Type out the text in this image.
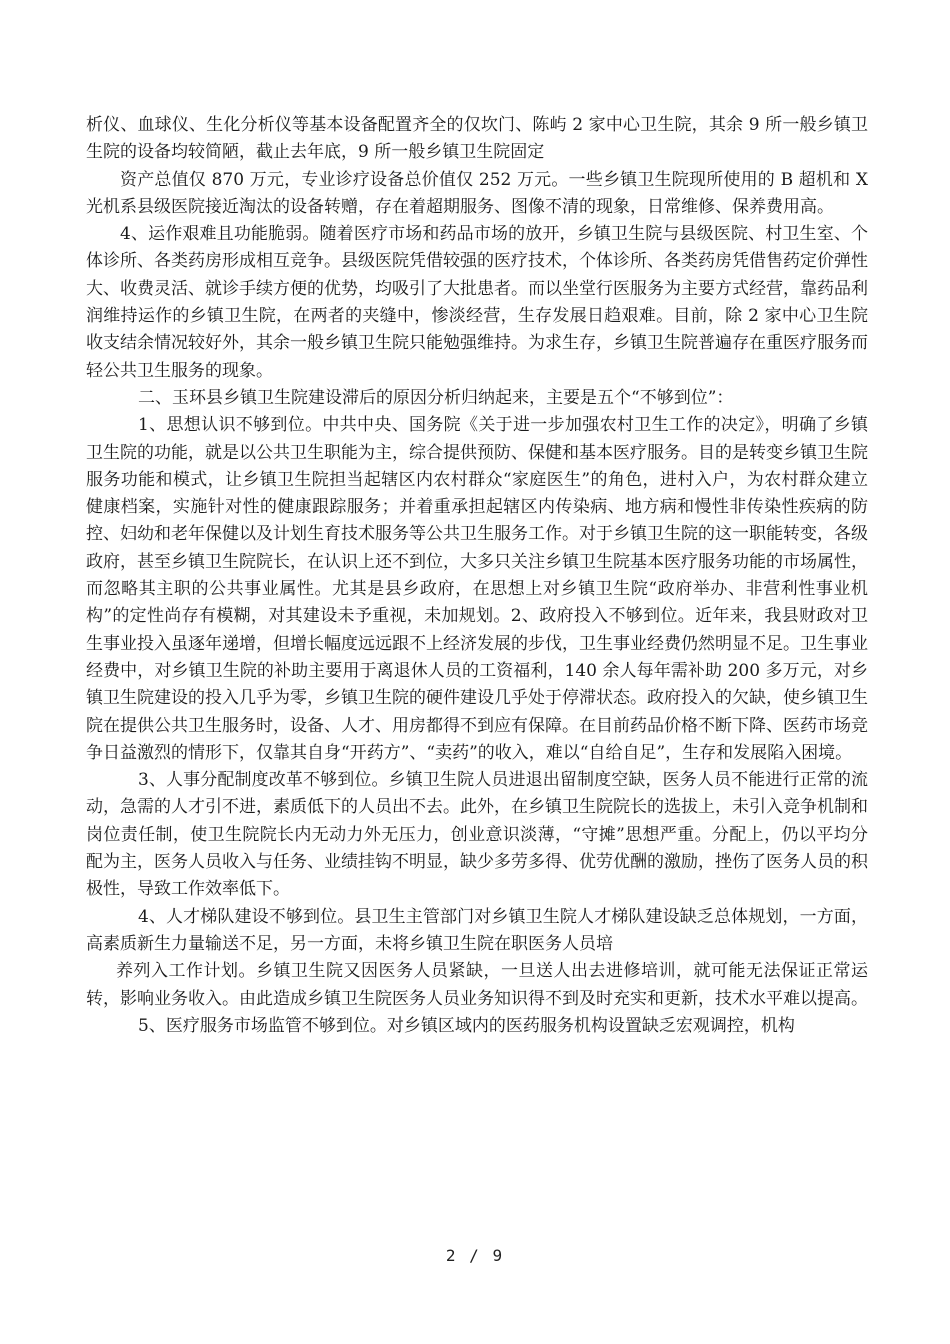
析仪、血球仪、生化分析仪等基本设备配置齐全的仅坎门、陈屿 2 家中心卫生院，其余 9 所一般乡镇卫生院的设备均较简陋，截止去年底，9 所一般乡镇卫生院固定

资产总值仅 870 万元，专业诊疗设备总价值仅 252 万元。一些乡镇卫生院现所使用的 B 超机和 X 光机系县级医院接近淘汰的设备转赠，存在着超期服务、图像不清的现象，日常维修、保养费用高。

4、运作艰难且功能脆弱。随着医疗市场和药品市场的放开，乡镇卫生院与县级医院、村卫生室、个体诊所、各类药房形成相互竞争。县级医院凭借较强的医疗技术，个体诊所、各类药房凭借售药定价弹性大、收费灵活、就诊手续方便的优势，均吸引了大批患者。而以坐堂行医服务为主要方式经营，靠药品利润维持运作的乡镇卫生院，在两者的夹缝中，惨淡经营，生存发展日趋艰难。目前，除 2 家中心卫生院收支结余情况较好外，其余一般乡镇卫生院只能勉强维持。为求生存，乡镇卫生院普遍存在重医疗服务而轻公共卫生服务的现象。

二、玉环县乡镇卫生院建设滞后的原因分析归纳起来，主要是五个“不够到位”：

1、思想认识不够到位。中共中央、国务院《关于进一步加强农村卫生工作的决定》，明确了乡镇卫生院的功能，就是以公共卫生职能为主，综合提供预防、保健和基本医疗服务。目的是转变乡镇卫生院服务功能和模式，让乡镇卫生院担当起辖区内农村群众“家庭医生”的角色，进村入户，为农村群众建立健康档案，实施针对性的健康跟踪服务；并着重承担起辖区内传染病、地方病和慢性非传染性疾病的防控、妇幼和老年保健以及计划生育技术服务等公共卫生服务工作。对于乡镇卫生院的这一职能转变，各级政府，甚至乡镇卫生院院长，在认识上还不到位，大多只关注乡镇卫生院基本医疗服务功能的市场属性，而忽略其主职的公共事业属性。尤其是县乡政府，在思想上对乡镇卫生院“政府举办、非营利性事业机构”的定性尚存有模糊，对其建设未予重视，未加规划。2、政府投入不够到位。近年来，我县财政对卫生事业投入虽逐年递增，但增长幅度远远跟不上经济发展的步伐，卫生事业经费仍然明显不足。卫生事业经费中，对乡镇卫生院的补助主要用于离退休人员的工资福利，140 余人每年需补助 200 多万元，对乡镇卫生院建设的投入几乎为零，乡镇卫生院的硬件建设几乎处于停滞状态。政府投入的欠缺，使乡镇卫生院在提供公共卫生服务时，设备、人才、用房都得不到应有保障。在目前药品价格不断下降、医药市场竞争日益激烈的情形下，仅靠其自身“开药方”、“卖药”的收入，难以“自给自足”，生存和发展陷入困境。

3、人事分配制度改革不够到位。乡镇卫生院人员进退出留制度空缺，医务人员不能进行正常的流动，急需的人才引不进，素质低下的人员出不去。此外，在乡镇卫生院院长的选拔上，未引入竞争机制和岗位责任制，使卫生院院长内无动力外无压力，创业意识淡薄，“守摊”思想严重。分配上，仍以平均分配为主，医务人员收入与任务、业绩挂钩不明显，缺少多劳多得、优劳优酬的激励，挫伤了医务人员的积极性，导致工作效率低下。

4、人才梯队建设不够到位。县卫生主管部门对乡镇卫生院人才梯队建设缺乏总体规划，一方面，高素质新生力量输送不足，另一方面，未将乡镇卫生院在职医务人员培

养列入工作计划。乡镇卫生院又因医务人员紧缺，一旦送人出去进修培训，就可能无法保证正常运转，影响业务收入。由此造成乡镇卫生院医务人员业务知识得不到及时充实和更新，技术水平难以提高。

5、医疗服务市场监管不够到位。对乡镇区域内的医药服务机构设置缺乏宏观调控，机构

2 / 9
